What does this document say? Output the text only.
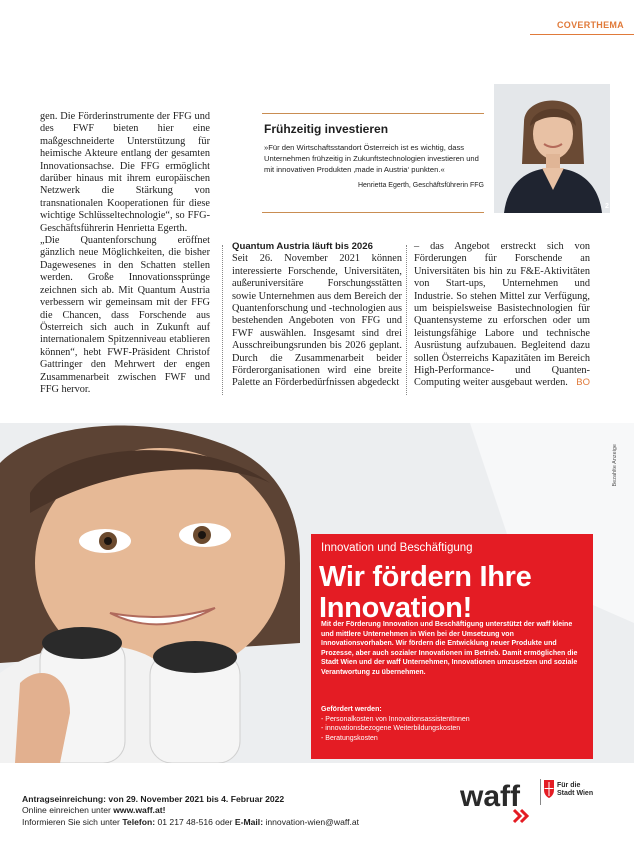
COVERTHEMA

gen. Die Förderinstrumente der FFG und des FWF bieten hier eine maßgeschneiderte Unterstützung für heimische Akteure entlang der gesamten Innovationsachse. Die FFG ermöglicht darüber hinaus mit ihrem europäischen Netzwerk die Stärkung von transnationalen Kooperationen für diese wichtige Schlüsseltechnologie“, so FFG-Geschäftsführerin Henrietta Egerth.

„Die Quantenforschung eröffnet gänzlich neue Möglichkeiten, die bisher Dagewesenes in den Schatten stellen werden. Große Innovationssprünge zeichnen sich ab. Mit Quantum Austria verbessern wir gemeinsam mit der FFG die Chancen, dass Forschende aus Österreich sich auch in Zukunft auf internationalem Spitzenniveau etablieren können“, hebt FWF-Präsident Christof Gattringer den Mehrwert der engen Zusammenarbeit zwischen FWF und FFG hervor.

Frühzeitig investieren

»Für den Wirtschaftsstandort Österreich ist es wichtig, dass Unternehmen frühzeitig in Zukunftstechnologien investieren und mit innovativen Produkten ‚made in Austria‘ punkten.«

Henrietta Egerth, Geschäftsführerin FFG
2
Quantum Austria läuft bis 2026

Seit 26. November 2021 können interessierte Forschende, Universitäten, außeruniversitäre Forschungsstätten sowie Unternehmen aus dem Bereich der Quantenforschung und -technologien aus bestehenden Angeboten von FFG und FWF auswählen. Insgesamt sind drei Ausschreibungsrunden bis 2026 geplant. Durch die Zusammenarbeit beider Förderorganisationen wird eine breite Palette an Förderbedürfnissen abgedeckt

– das Angebot erstreckt sich von Förderungen für Forschende an Universitäten bis hin zu F&E-Aktivitäten von Start-ups, Unternehmen und Industrie. So stehen Mittel zur Verfügung, um beispielsweise Basistechnologien für Quantensysteme zu erforschen oder um leistungsfähige Labore und technische Ausrüstung aufzubauen. Begleitend dazu sollen Österreichs Kapazitäten im Bereich High-Performance- und Quanten-Computing weiter ausgebaut werden. BO

Bezahlte Anzeige
Innovation und Beschäftigung
Wir fördern Ihre
Innovation!
Mit der Förderung Innovation und Beschäftigung unterstützt der waff kleine und mittlere Unternehmen in Wien bei der Umsetzung von Innovationsvorhaben. Wir fördern die Entwicklung neuer Produkte und Prozesse, aber auch sozialer Innovationen im Betrieb. Damit ermöglichen die Stadt Wien und der waff Unternehmen, Innovationen umzusetzen und soziale Verantwortung zu übernehmen.
Gefördert werden:
- Personalkosten von InnovationsassistentInnen
- innovationsbezogene Weiterbildungskosten
- Beratungskosten
Antragseinreichung: von 29. November 2021 bis 4. Februar 2022
Online einreichen unter www.waff.at!
Informieren Sie sich unter Telefon: 01 217 48-516 oder E-Mail: innovation-wien@waff.at
waff	Für die
Stadt Wien
